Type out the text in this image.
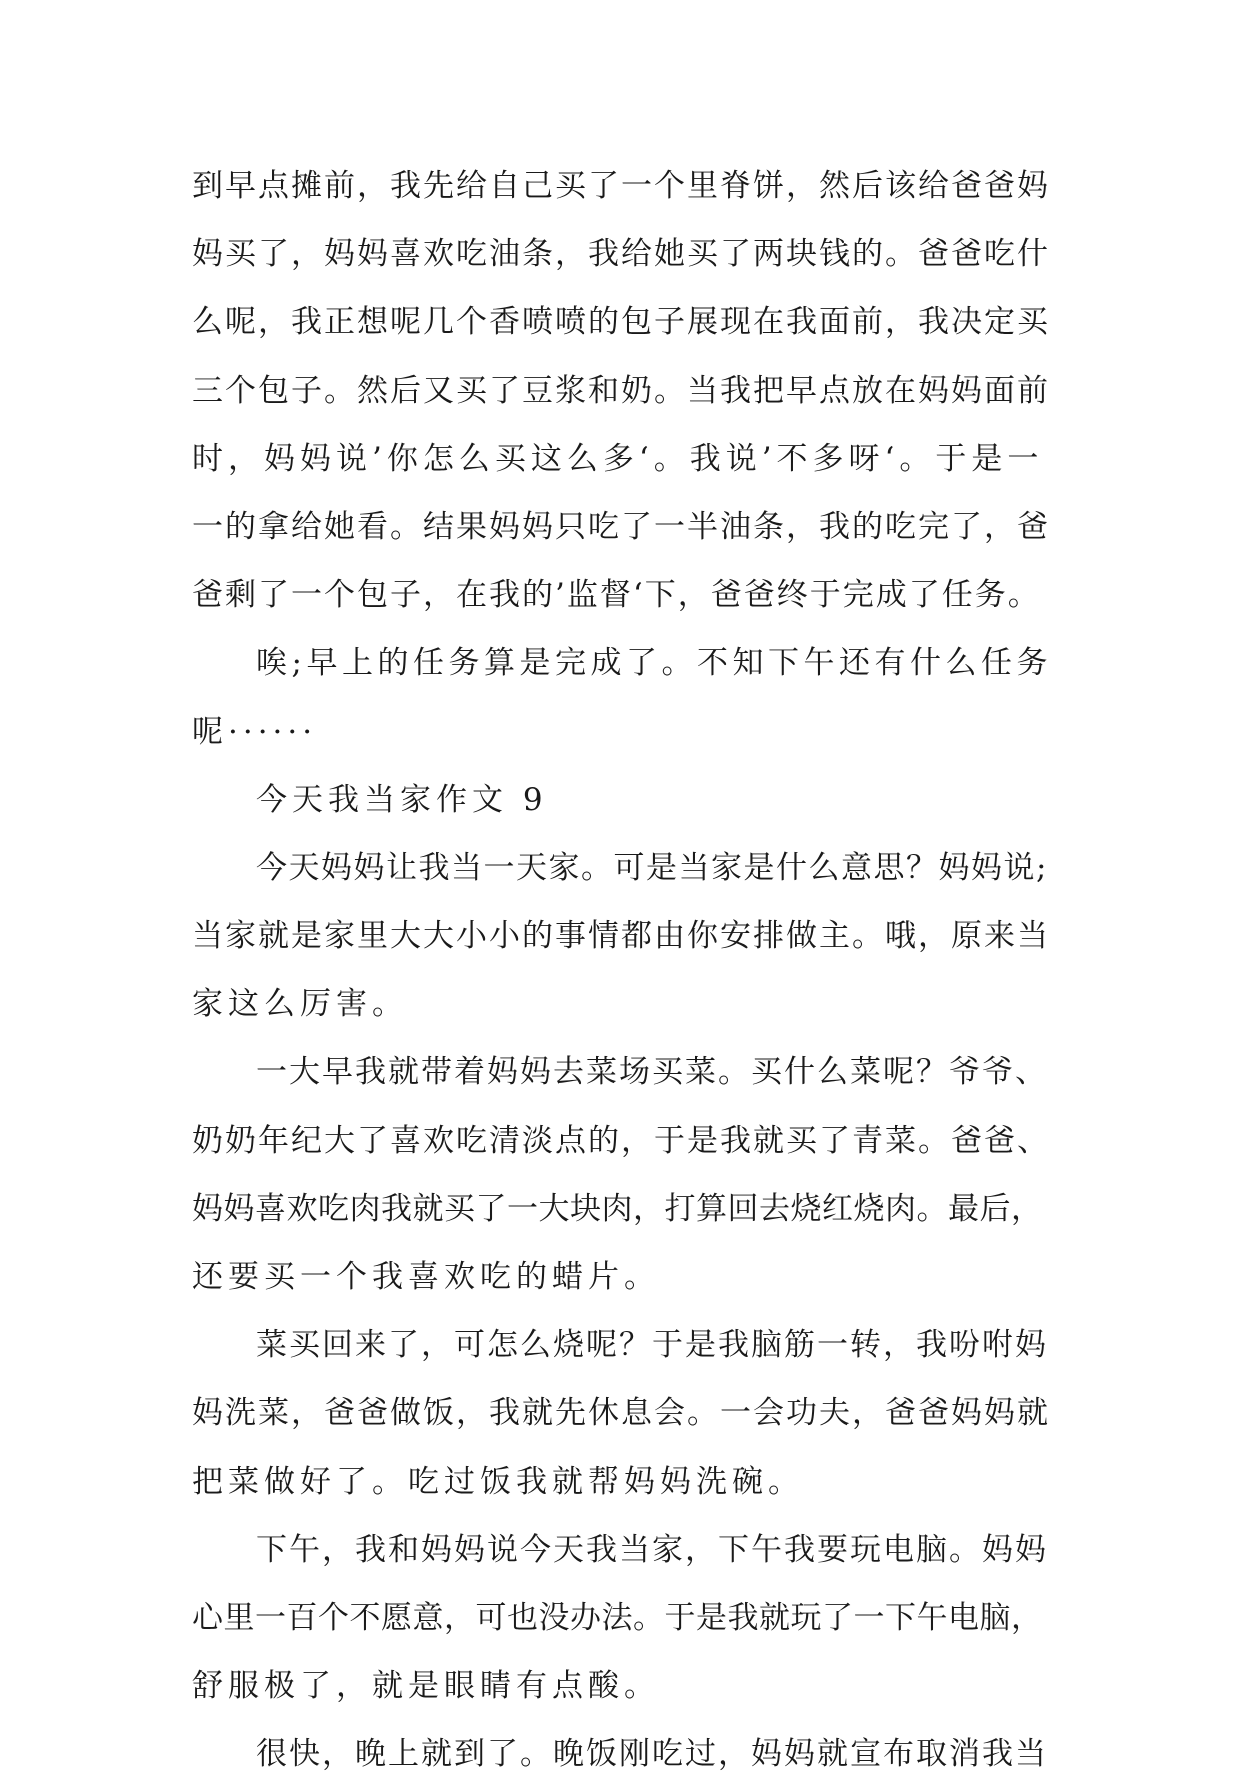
到早点摊前，我先给自己买了一个里脊饼，然后该给爸爸妈
妈买了，妈妈喜欢吃油条，我给她买了两块钱的。爸爸吃什
么呢，我正想呢几个香喷喷的包子展现在我面前，我决定买
三个包子。然后又买了豆浆和奶。当我把早点放在妈妈面前
时，妈妈说’你怎么买这么多‘。我说’不多呀‘。于是一
一的拿给她看。结果妈妈只吃了一半油条，我的吃完了，爸
爸剩了一个包子，在我的’监督‘下，爸爸终于完成了任务。
唉;早上的任务算是完成了。不知下午还有什么任务
呢······
今天我当家作文 9
今天妈妈让我当一天家。可是当家是什么意思？妈妈说;
当家就是家里大大小小的事情都由你安排做主。哦，原来当
家这么厉害。
一大早我就带着妈妈去菜场买菜。买什么菜呢？爷爷、
奶奶年纪大了喜欢吃清淡点的，于是我就买了青菜。爸爸、
妈妈喜欢吃肉我就买了一大块肉，打算回去烧红烧肉。最后，
还要买一个我喜欢吃的蜡片。
菜买回来了，可怎么烧呢？于是我脑筋一转，我吩咐妈
妈洗菜，爸爸做饭，我就先休息会。一会功夫，爸爸妈妈就
把菜做好了。吃过饭我就帮妈妈洗碗。
下午，我和妈妈说今天我当家，下午我要玩电脑。妈妈
心里一百个不愿意，可也没办法。于是我就玩了一下午电脑，
舒服极了，就是眼睛有点酸。
很快，晚上就到了。晚饭刚吃过，妈妈就宣布取消我当
